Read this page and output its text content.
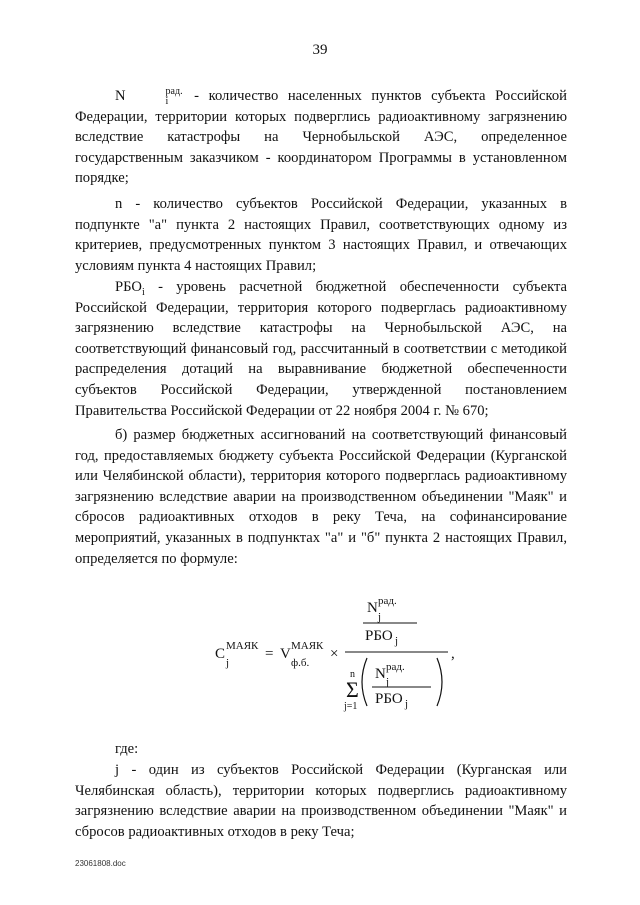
39

N	рад.
i	- количество населенных пунктов субъекта Российской Федерации, территории которых подверглись радиоактивному загрязнению вследствие катастрофы на Чернобыльской АЭС, определенное государственным заказчиком - координатором Программы в установленном порядке;

n - количество субъектов Российской Федерации, указанных в подпункте "а" пункта 2 настоящих Правил, соответствующих одному из критериев, предусмотренных пунктом 3 настоящих Правил, и отвечающих условиям пункта 4 настоящих Правил;

$РБО_i$ - уровень расчетной бюджетной обеспеченности субъекта Российской Федерации, территория которого подверглась радиоактивному загрязнению вследствие катастрофы на Чернобыльской АЭС, на соответствующий финансовый год, рассчитанный в соответствии с методикой распределения дотаций на выравнивание бюджетной обеспеченности субъектов Российской Федерации, утвержденной постановлением Правительства Российской Федерации от 22 ноября 2004 г. № 670;

б) размер бюджетных ассигнований на соответствующий финансовый год, предоставляемых бюджету субъекта Российской Федерации (Курганской или Челябинской области), территория которого подверглась радиоактивному загрязнению вследствие аварии на производственном объединении "Маяк" и сбросов радиоактивных отходов в реку Теча, на софинансирование мероприятий, указанных в подпунктах "а" и "б" пункта 2 настоящих Правил, определяется по формуле:

C МАЯК
j
= V МАЯК
ф.б.
×
N рад.
j
РБО j
n
Σ
j=1
N рад.
j
РБО j
,

где:

j - один из субъектов Российской Федерации (Курганская или Челябинская область), территории которых подверглись радиоактивному загрязнению вследствие аварии на производственном объединении "Маяк" и сбросов радиоактивных отходов в реку Теча;

23061808.doc
